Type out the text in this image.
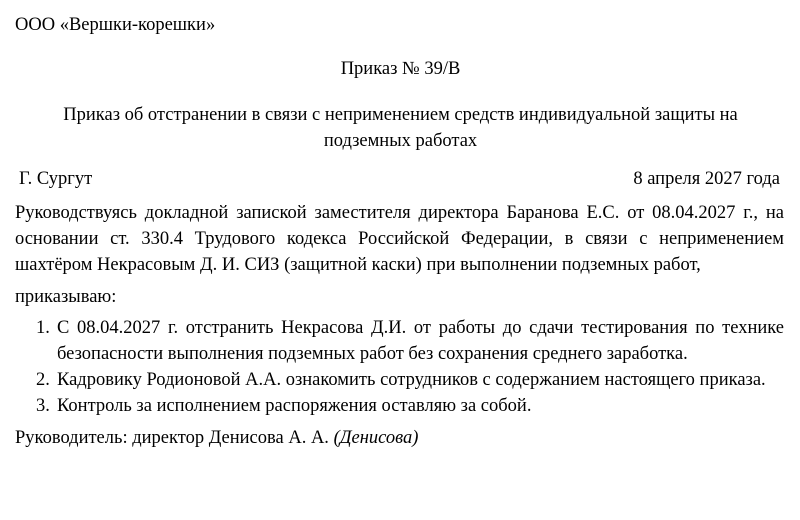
ООО «Вершки-корешки»
Приказ № 39/В
Приказ об отстранении в связи с неприменением средств индивидуальной защиты на подземных работах
Г. Сургут	8 апреля 2027 года
Руководствуясь докладной запиской заместителя директора Баранова Е.С. от 08.04.2027 г., на основании ст. 330.4 Трудового кодекса Российской Федерации, в связи с неприменением шахтёром Некрасовым Д. И. СИЗ (защитной каски) при выполнении подземных работ,
приказываю:
1. С 08.04.2027 г. отстранить Некрасова Д.И. от работы до сдачи тестирования по технике безопасности выполнения подземных работ без сохранения среднего заработка.
2. Кадровику Родионовой А.А. ознакомить сотрудников с содержанием настоящего приказа.
3. Контроль за исполнением распоряжения оставляю за собой.
Руководитель: директор Денисова А. А. (Денисова)
